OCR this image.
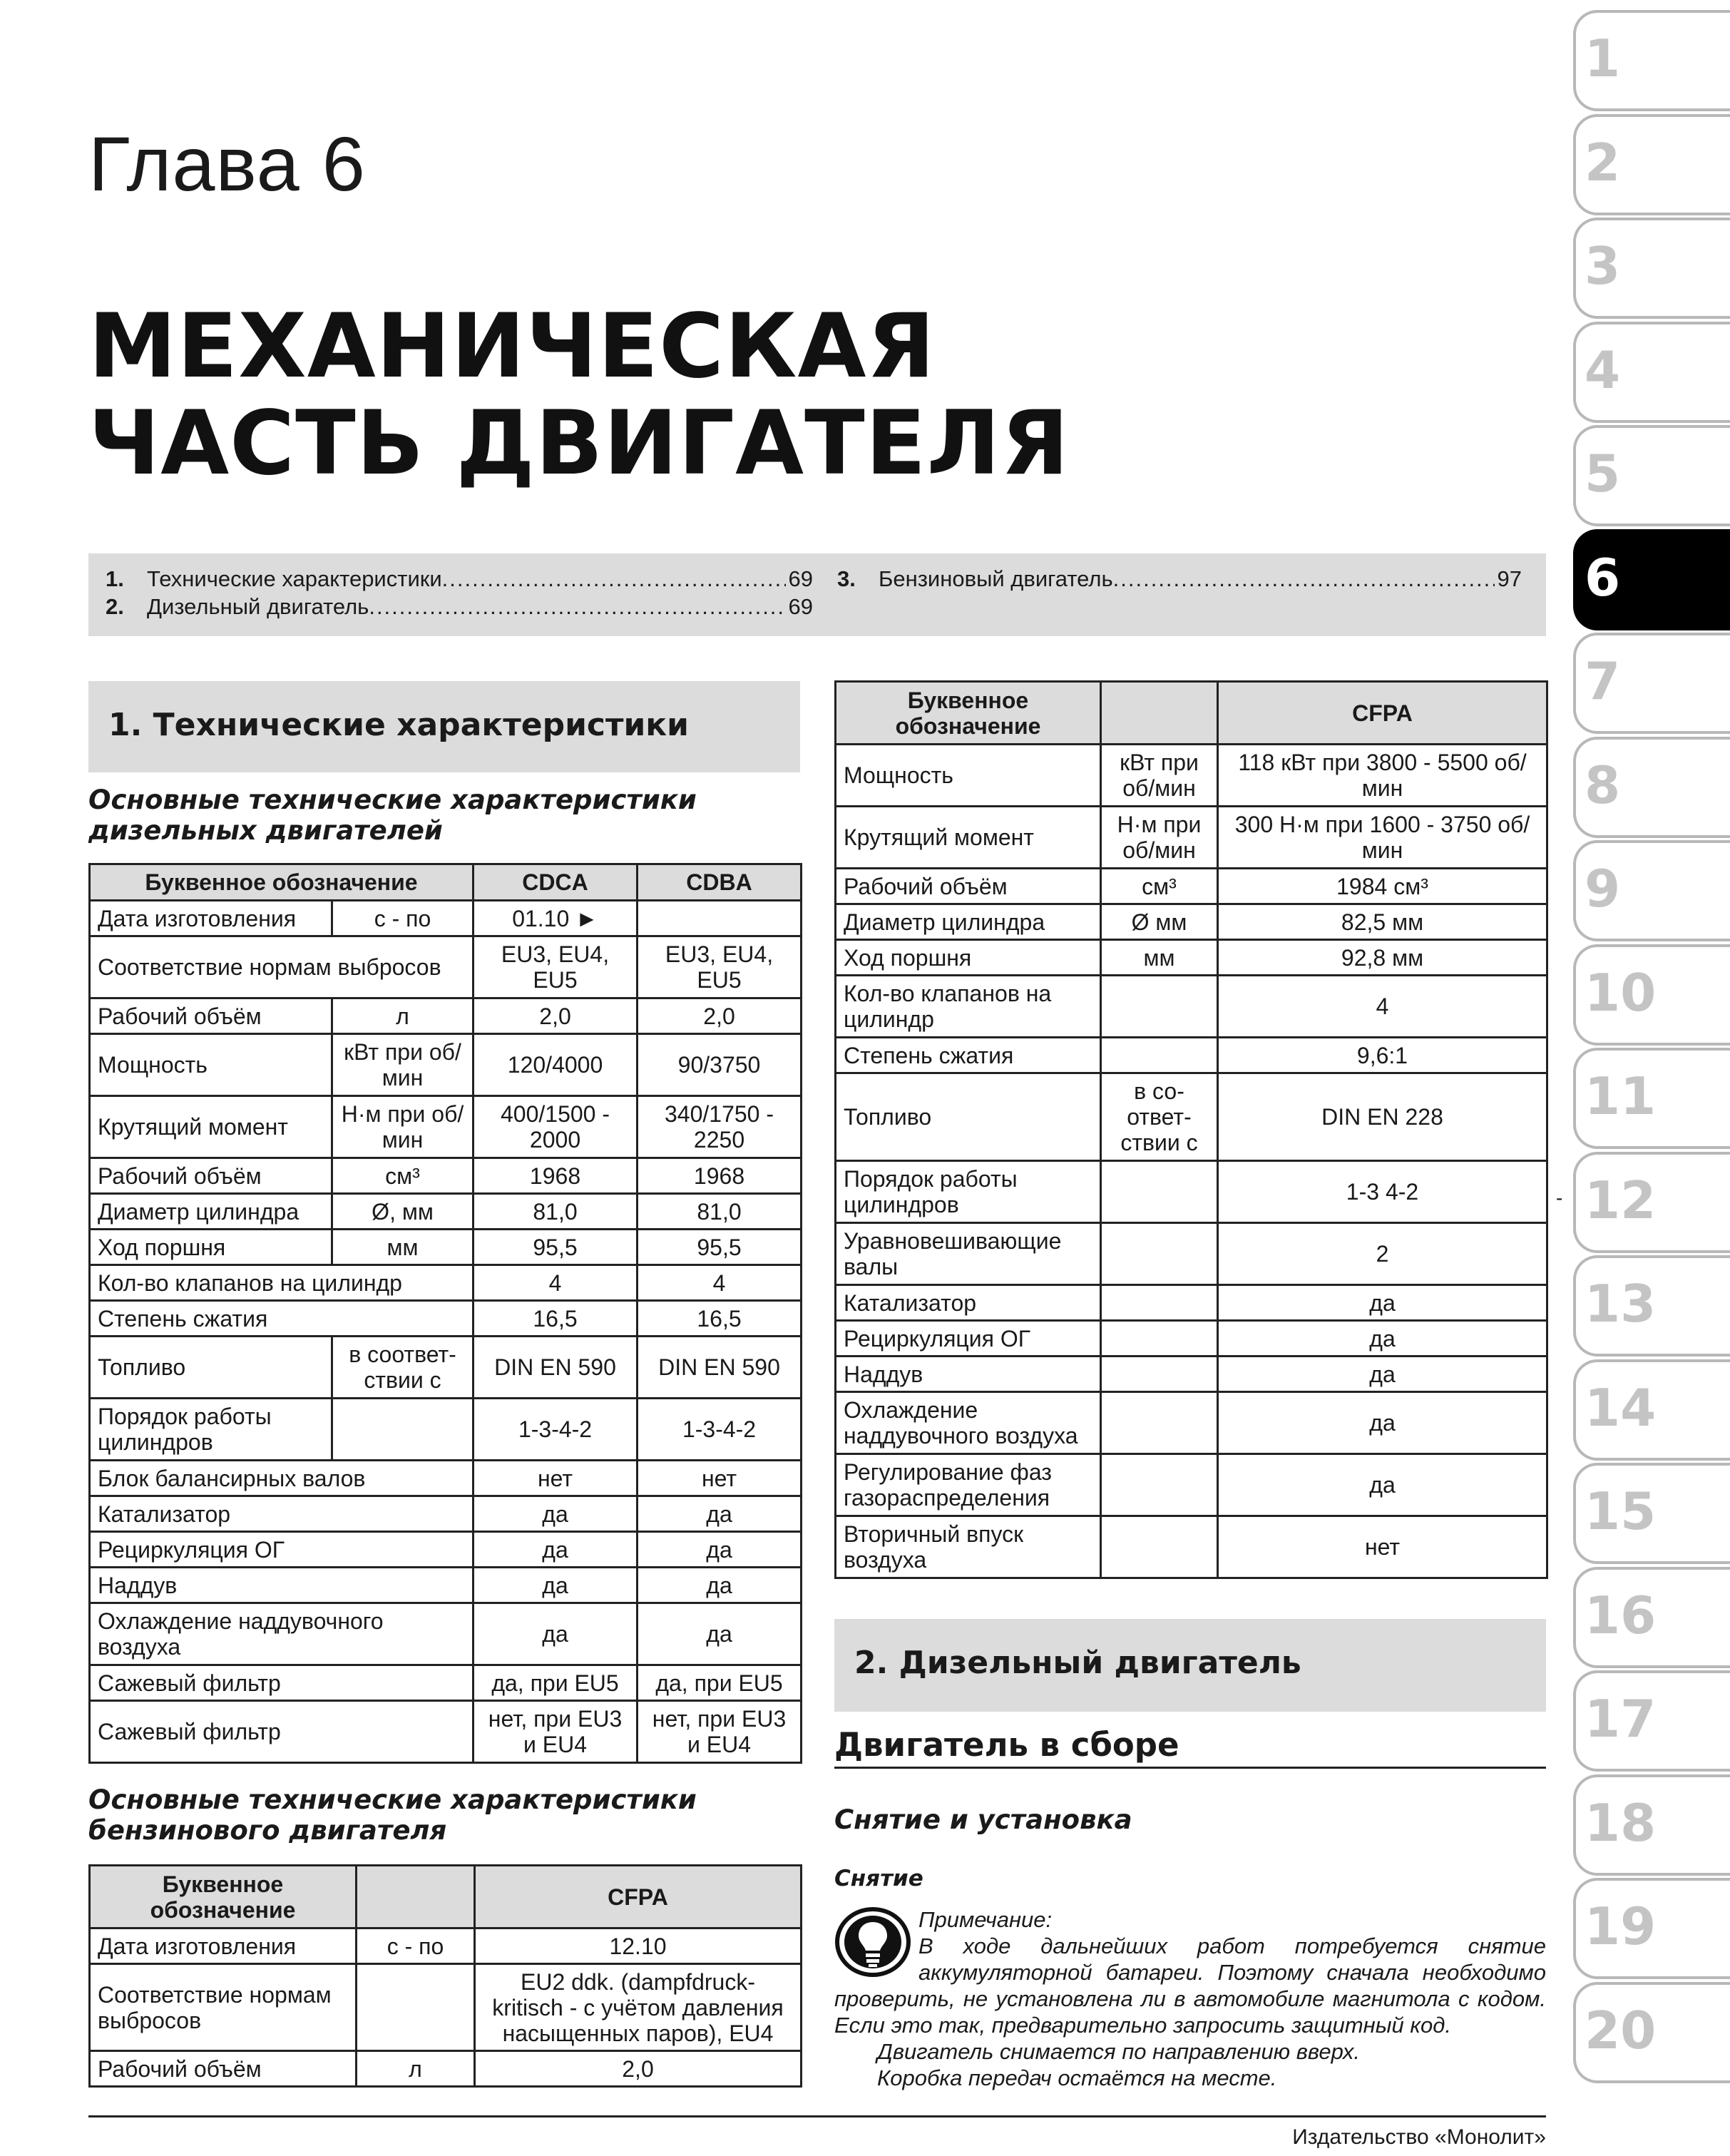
Глава 6
МЕХАНИЧЕСКАЯ
ЧАСТЬ ДВИГАТЕЛЯ
1.	Технические характеристики .....	69
2.	Дизельный двигатель .....	69
3.	Бензиновый двигатель .....	97
1. Технические характеристики
Основные технические характеристики
дизельных двигателей
Буквенное обозначение		CDCA	CDBA
Дата изготовления	с - по	01.10 ►	
Соответствие нормам выбросов		EU3, EU4, EU5	EU3, EU4, EU5
Рабочий объём	л	2,0	2,0
Мощность	кВт при об/мин	120/4000	90/3750
Крутящий момент	Н·м при об/мин	400/1500 - 2000	340/1750 - 2250
Рабочий объём	см³	1968	1968
Диаметр цилиндра	Ø, мм	81,0	81,0
Ход поршня	мм	95,5	95,5
Кол-во клапанов на цилиндр		4	4
Степень сжатия		16,5	16,5
Топливо	в соответ- ствии с	DIN EN 590	DIN EN 590
Порядок работы цилиндров		1-3-4-2	1-3-4-2
Блок балансирных валов		нет	нет
Катализатор		да	да
Рециркуляция ОГ		да	да
Наддув		да	да
Охлаждение наддувочного воздуха		да	да
Сажевый фильтр		да, при EU5	да, при EU5
Сажевый фильтр		нет, при EU3 и EU4	нет, при EU3 и EU4
Основные технические характеристики
бензинового двигателя
Буквенное обозначение		CFPA
Дата изготовления	с - по	12.10
Соответствие нормам выбросов		EU2 ddk. (dampfdruck- kritisch - с учётом давления насыщенных паров), EU4
Рабочий объём	л	2,0
Буквенное обозначение		CFPA
Мощность	кВт при об/мин	118 кВт при 3800 - 5500 об/мин
Крутящий момент	Н·м при об/мин	300 Н·м при 1600 - 3750 об/мин
Рабочий объём	см³	1984 см³
Диаметр цилиндра	Ø мм	82,5 мм
Ход поршня	мм	92,8 мм
Кол-во клапанов на цилиндр		4
Степень сжатия		9,6:1
Топливо	в со- ответ- ствии с	DIN EN 228
Порядок работы цилиндров		1-3 4-2
Уравновешивающие валы		2
Катализатор		да
Рециркуляция ОГ		да
Наддув		да
Охлаждение наддувочного воздуха		да
Регулирование фаз газораспределения		да
Вторичный впуск воздуха		нет
2. Дизельный двигатель
Двигатель в сборе
Снятие и установка
Снятие

Примечание:

В ходе дальнейших работ потребуется снятие аккумуляторной батареи. Поэтому сначала необходимо проверить, не установлена ли в автомобиле магнитола с кодом. Если это так, предварительно запросить защитный код.

Двигатель снимается по направлению вверх.

Коробка передач остаётся на месте.

Издательство «Монолит»
-
1
2
3
4
5
6
7
8
9
10
11
12
13
14
15
16
17
18
19
20
